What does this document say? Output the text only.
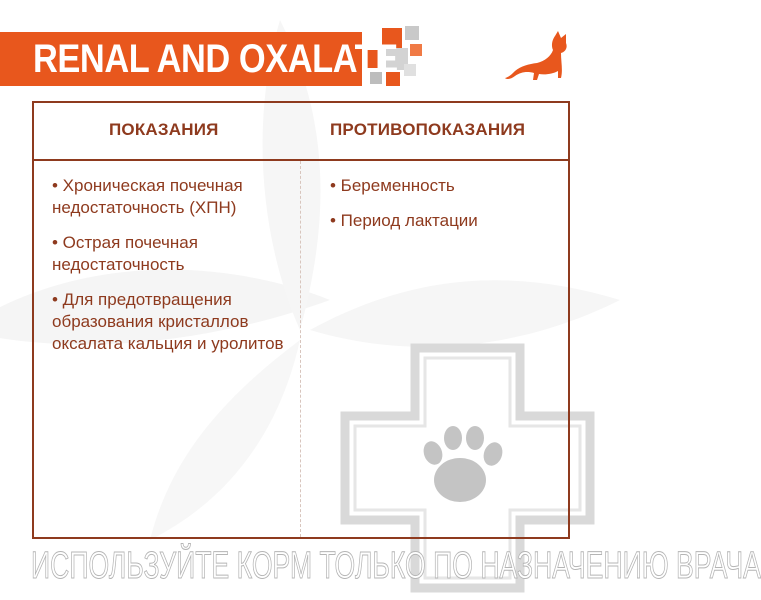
RENAL AND OXALATE
ПОКАЗАНИЯ	ПРОТИВОПОКАЗАНИЯ
• Хроническая почечная недостаточность (ХПН)
• Острая почечная недостаточность
• Для предотвращения образования кристаллов оксалата кальция и уролитов
• Беременность
• Период лактации
ИСПОЛЬЗУЙТЕ КОРМ ТОЛЬКО ПО НАЗНАЧЕНИЮ ВРАЧА
